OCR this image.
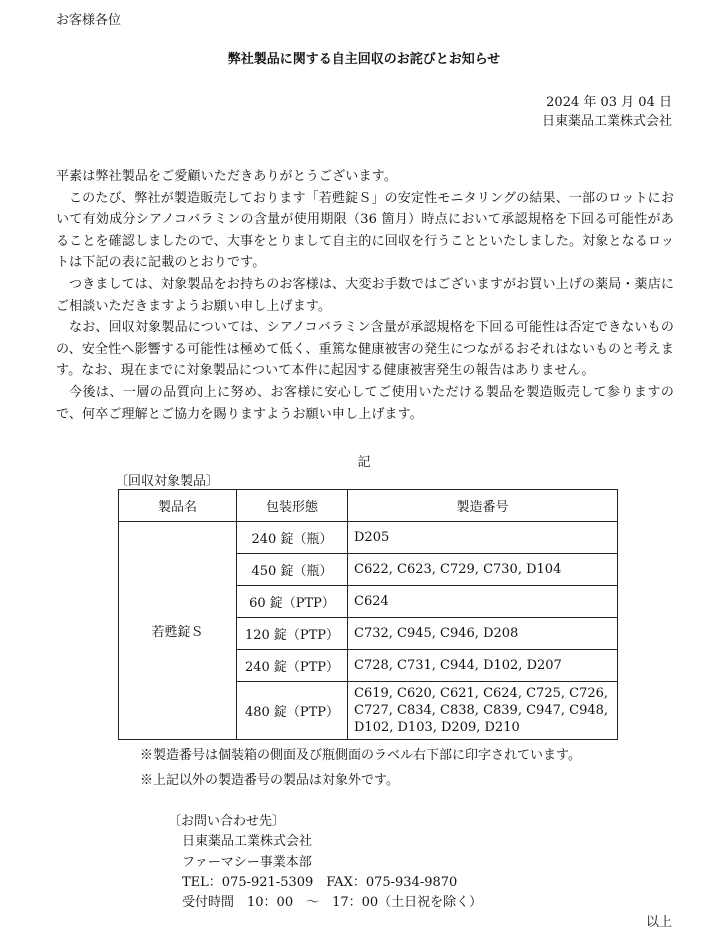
お客様各位
弊社製品に関する自主回収のお詫びとお知らせ
2024 年 03 月 04 日
日東薬品工業株式会社

平素は弊社製品をご愛顧いただきありがとうございます。

このたび、弊社が製造販売しております「若甦錠Ｓ」の安定性モニタリングの結果、一部のロットにおいて有効成分シアノコバラミンの含量が使用期限（36 箇月）時点において承認規格を下回る可能性があることを確認しましたので、大事をとりまして自主的に回収を行うことといたしました。対象となるロットは下記の表に記載のとおりです。

つきましては、対象製品をお持ちのお客様は、大変お手数ではございますがお買い上げの薬局・薬店にご相談いただきますようお願い申し上げます。

なお、回収対象製品については、シアノコバラミン含量が承認規格を下回る可能性は否定できないものの、安全性へ影響する可能性は極めて低く、重篤な健康被害の発生につながるおそれはないものと考えます。なお、現在までに対象製品について本件に起因する健康被害発生の報告はありません。

今後は、一層の品質向上に努め、お客様に安心してご使用いただける製品を製造販売して参りますので、何卒ご理解とご協力を賜りますようお願い申し上げます。

記
〔回収対象製品〕
製品名	包装形態	製造番号
若甦錠Ｓ	240 錠（瓶）	D205
	450 錠（瓶）	C622, C623, C729, C730, D104
	60 錠（PTP）	C624
	120 錠（PTP）	C732, C945, C946, D208
	240 錠（PTP）	C728, C731, C944, D102, D207
	480 錠（PTP）	C619, C620, C621, C624, C725, C726, C727, C834, C838, C839, C947, C948, D102, D103, D209, D210
※製造番号は個装箱の側面及び瓶側面のラベル右下部に印字されています。
※上記以外の製造番号の製品は対象外です。
〔お問い合わせ先〕
日東薬品工業株式会社
ファーマシー事業本部
TEL：075-921-5309　FAX：075-934-9870
受付時間　10：00　～　17：00（土日祝を除く）
以上
